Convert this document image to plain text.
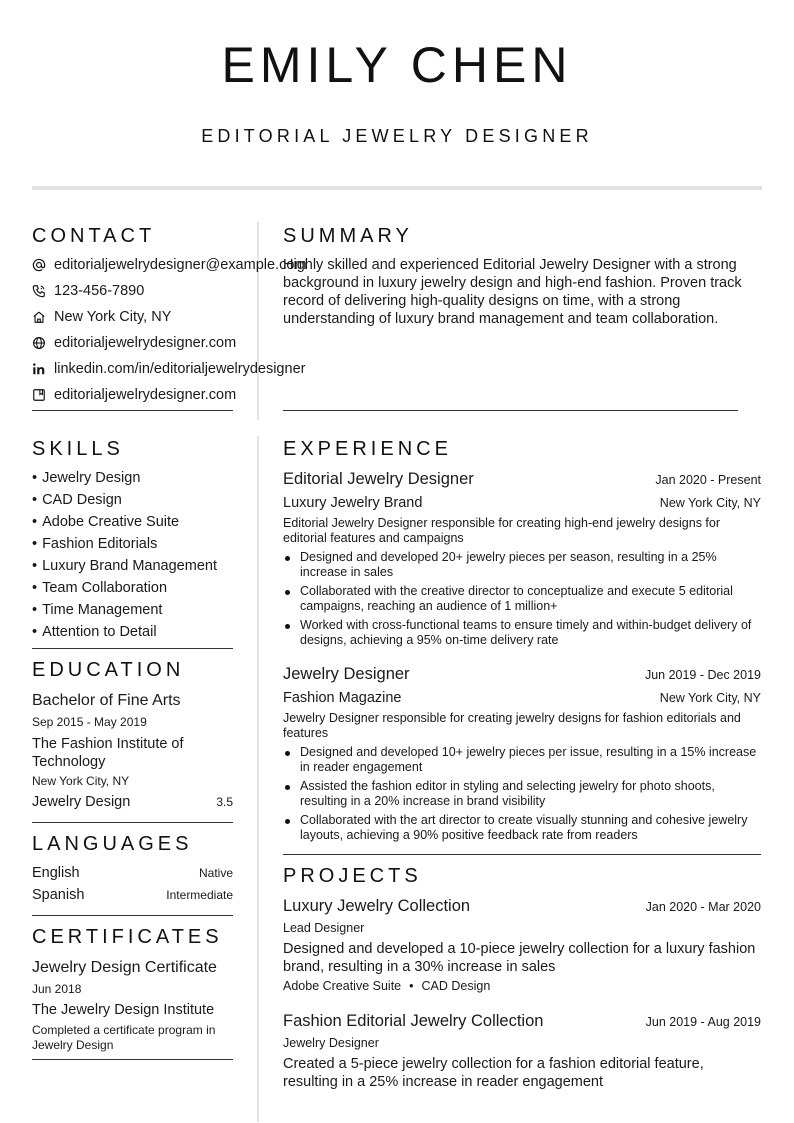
EMILY CHEN
EDITORIAL JEWELRY DESIGNER
CONTACT
editorialjewelrydesigner@example.com
123-456-7890
New York City, NY
editorialjewelrydesigner.com
linkedin.com/in/editorialjewelrydesigner
editorialjewelrydesigner.com
SUMMARY
Highly skilled and experienced Editorial Jewelry Designer with a strong background in luxury jewelry design and high-end fashion. Proven track record of delivering high-quality designs on time, with a strong understanding of luxury brand management and team collaboration.
SKILLS
• Jewelry Design
• CAD Design
• Adobe Creative Suite
• Fashion Editorials
• Luxury Brand Management
• Team Collaboration
• Time Management
• Attention to Detail
EDUCATION
Bachelor of Fine Arts
Sep 2015 - May 2019
The Fashion Institute of Technology
New York City, NY
Jewelry Design	3.5
LANGUAGES
English	Native
Spanish	Intermediate
CERTIFICATES
Jewelry Design Certificate
Jun 2018
The Jewelry Design Institute
Completed a certificate program in Jewelry Design
EXPERIENCE
Editorial Jewelry Designer	Jan 2020 - Present
Luxury Jewelry Brand	New York City, NY
Editorial Jewelry Designer responsible for creating high-end jewelry designs for editorial features and campaigns
Designed and developed 20+ jewelry pieces per season, resulting in a 25% increase in sales
Collaborated with the creative director to conceptualize and execute 5 editorial campaigns, reaching an audience of 1 million+
Worked with cross-functional teams to ensure timely and within-budget delivery of designs, achieving a 95% on-time delivery rate
Jewelry Designer	Jun 2019 - Dec 2019
Fashion Magazine	New York City, NY
Jewelry Designer responsible for creating jewelry designs for fashion editorials and features
Designed and developed 10+ jewelry pieces per issue, resulting in a 15% increase in reader engagement
Assisted the fashion editor in styling and selecting jewelry for photo shoots, resulting in a 20% increase in brand visibility
Collaborated with the art director to create visually stunning and cohesive jewelry layouts, achieving a 90% positive feedback rate from readers
PROJECTS
Luxury Jewelry Collection	Jan 2020 - Mar 2020
Lead Designer
Designed and developed a 10-piece jewelry collection for a luxury fashion brand, resulting in a 30% increase in sales
Adobe Creative Suite • CAD Design
Fashion Editorial Jewelry Collection	Jun 2019 - Aug 2019
Jewelry Designer
Created a 5-piece jewelry collection for a fashion editorial feature, resulting in a 25% increase in reader engagement
